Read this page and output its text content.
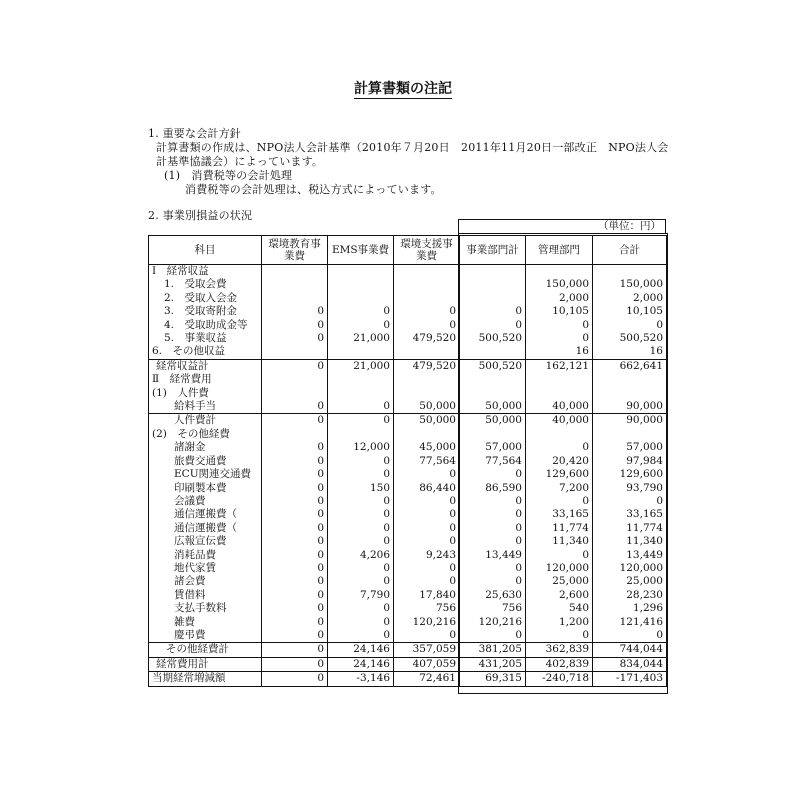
計算書類の注記
1. 重要な会計方針
計算書類の作成は、NPO法人会計基準（2010年７月20日　2011年11月20日一部改正　NPO法人会
計基準協議会）によっています。
(1)　消費税等の会計処理
消費税等の会計処理は、税込方式によっています。
2. 事業別損益の状況
（単位：円）
科目	環境教育事業費	EMS事業費	環境支援事業費	事業部門計	管理部門	合計
Ⅰ　経常収益						
1.　受取会費					150,000	150,000
2.　受取入会金					2,000	2,000
3.　受取寄附金	0	0	0	0	10,105	10,105
4.　受取助成金等	0	0	0	0	0	0
5.　事業収益	0	21,000	479,520	500,520	0	500,520
6.　その他収益					16	16
経常収益計	0	21,000	479,520	500,520	162,121	662,641
Ⅱ　経常費用						
(1)　人件費						
給料手当	0	0	50,000	50,000	40,000	90,000
人件費計	0	0	50,000	50,000	40,000	90,000
(2)　その他経費						
諸謝金	0	12,000	45,000	57,000	0	57,000
旅費交通費	0	0	77,564	77,564	20,420	97,984
ECU関連交通費	0	0	0	0	129,600	129,600
印刷製本費	0	150	86,440	86,590	7,200	93,790
会議費	0	0	0	0	0	0
通信運搬費（	0	0	0	0	33,165	33,165
通信運搬費（	0	0	0	0	11,774	11,774
広報宣伝費	0	0	0	0	11,340	11,340
消耗品費	0	4,206	9,243	13,449	0	13,449
地代家賃	0	0	0	0	120,000	120,000
諸会費	0	0	0	0	25,000	25,000
賃借料	0	7,790	17,840	25,630	2,600	28,230
支払手数料	0	0	756	756	540	1,296
雑費	0	0	120,216	120,216	1,200	121,416
慶弔費	0	0	0	0	0	0
その他経費計	0	24,146	357,059	381,205	362,839	744,044
経常費用計	0	24,146	407,059	431,205	402,839	834,044
当期経常増減額	0	-3,146	72,461	69,315	-240,718	-171,403
